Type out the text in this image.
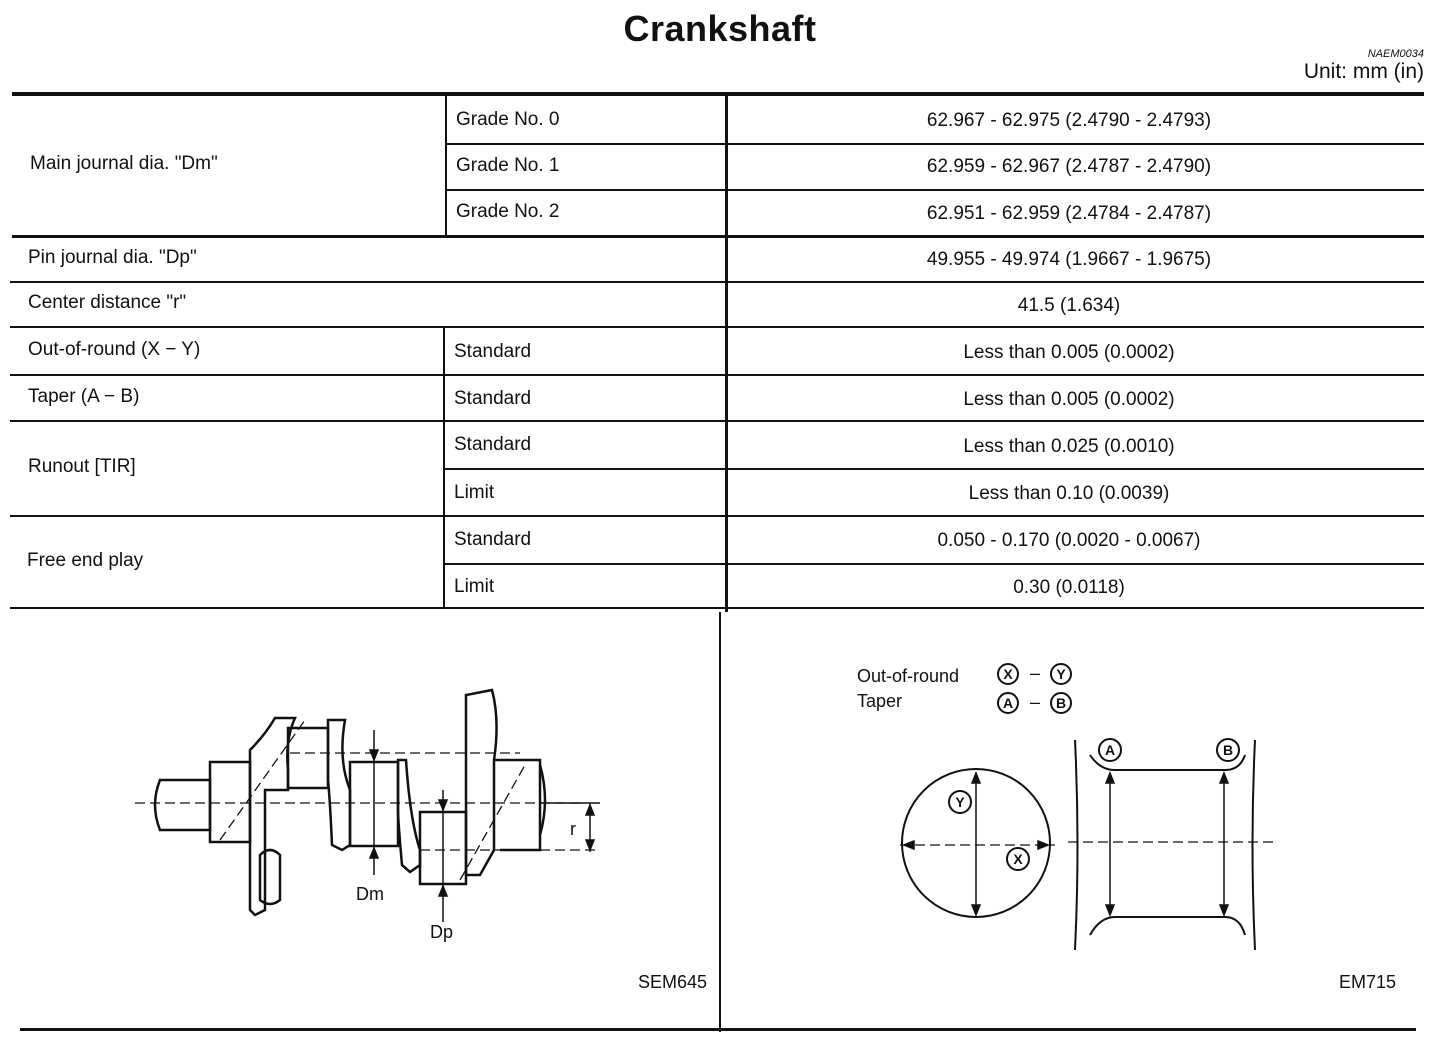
Crankshaft
NAEM0034
Unit: mm (in)
Main journal dia. "Dm"
Pin journal dia. "Dp"
Center distance "r"
Out-of-round (X − Y)
Taper (A − B)
Runout [TIR]
Free end play
Grade No. 0
Grade No. 1
Grade No. 2
Standard
Standard
Standard
Limit
Standard
Limit
62.967 - 62.975 (2.4790 - 2.4793)
62.959 - 62.967 (2.4787 - 2.4790)
62.951 - 62.959 (2.4784 - 2.4787)
49.955 - 49.974 (1.9667 - 1.9675)
41.5 (1.634)
Less than 0.005 (0.0002)
Less than 0.005 (0.0002)
Less than 0.025 (0.0010)
Less than 0.10 (0.0039)
0.050 - 0.170 (0.0020 - 0.0067)
0.30 (0.0118)
Dm
Dp
r
SEM645
Out-of-round
Taper
X – Y
A – B
Y
X
A	B
EM715
